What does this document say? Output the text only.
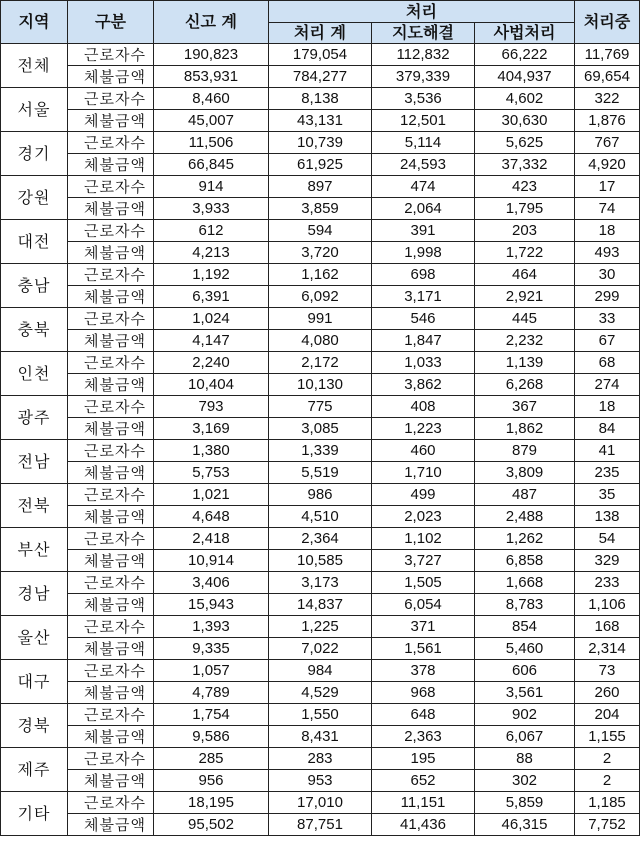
지역	구분	신고 계	처리			처리중
			처리 계	지도해결	사법처리	
전체	근로자수	190,823	179,054	112,832	66,222	11,769
	체불금액	853,931	784,277	379,339	404,937	69,654
서울	근로자수	8,460	8,138	3,536	4,602	322
	체불금액	45,007	43,131	12,501	30,630	1,876
경기	근로자수	11,506	10,739	5,114	5,625	767
	체불금액	66,845	61,925	24,593	37,332	4,920
강원	근로자수	914	897	474	423	17
	체불금액	3,933	3,859	2,064	1,795	74
대전	근로자수	612	594	391	203	18
	체불금액	4,213	3,720	1,998	1,722	493
충남	근로자수	1,192	1,162	698	464	30
	체불금액	6,391	6,092	3,171	2,921	299
충북	근로자수	1,024	991	546	445	33
	체불금액	4,147	4,080	1,847	2,232	67
인천	근로자수	2,240	2,172	1,033	1,139	68
	체불금액	10,404	10,130	3,862	6,268	274
광주	근로자수	793	775	408	367	18
	체불금액	3,169	3,085	1,223	1,862	84
전남	근로자수	1,380	1,339	460	879	41
	체불금액	5,753	5,519	1,710	3,809	235
전북	근로자수	1,021	986	499	487	35
	체불금액	4,648	4,510	2,023	2,488	138
부산	근로자수	2,418	2,364	1,102	1,262	54
	체불금액	10,914	10,585	3,727	6,858	329
경남	근로자수	3,406	3,173	1,505	1,668	233
	체불금액	15,943	14,837	6,054	8,783	1,106
울산	근로자수	1,393	1,225	371	854	168
	체불금액	9,335	7,022	1,561	5,460	2,314
대구	근로자수	1,057	984	378	606	73
	체불금액	4,789	4,529	968	3,561	260
경북	근로자수	1,754	1,550	648	902	204
	체불금액	9,586	8,431	2,363	6,067	1,155
제주	근로자수	285	283	195	88	2
	체불금액	956	953	652	302	2
기타	근로자수	18,195	17,010	11,151	5,859	1,185
	체불금액	95,502	87,751	41,436	46,315	7,752
